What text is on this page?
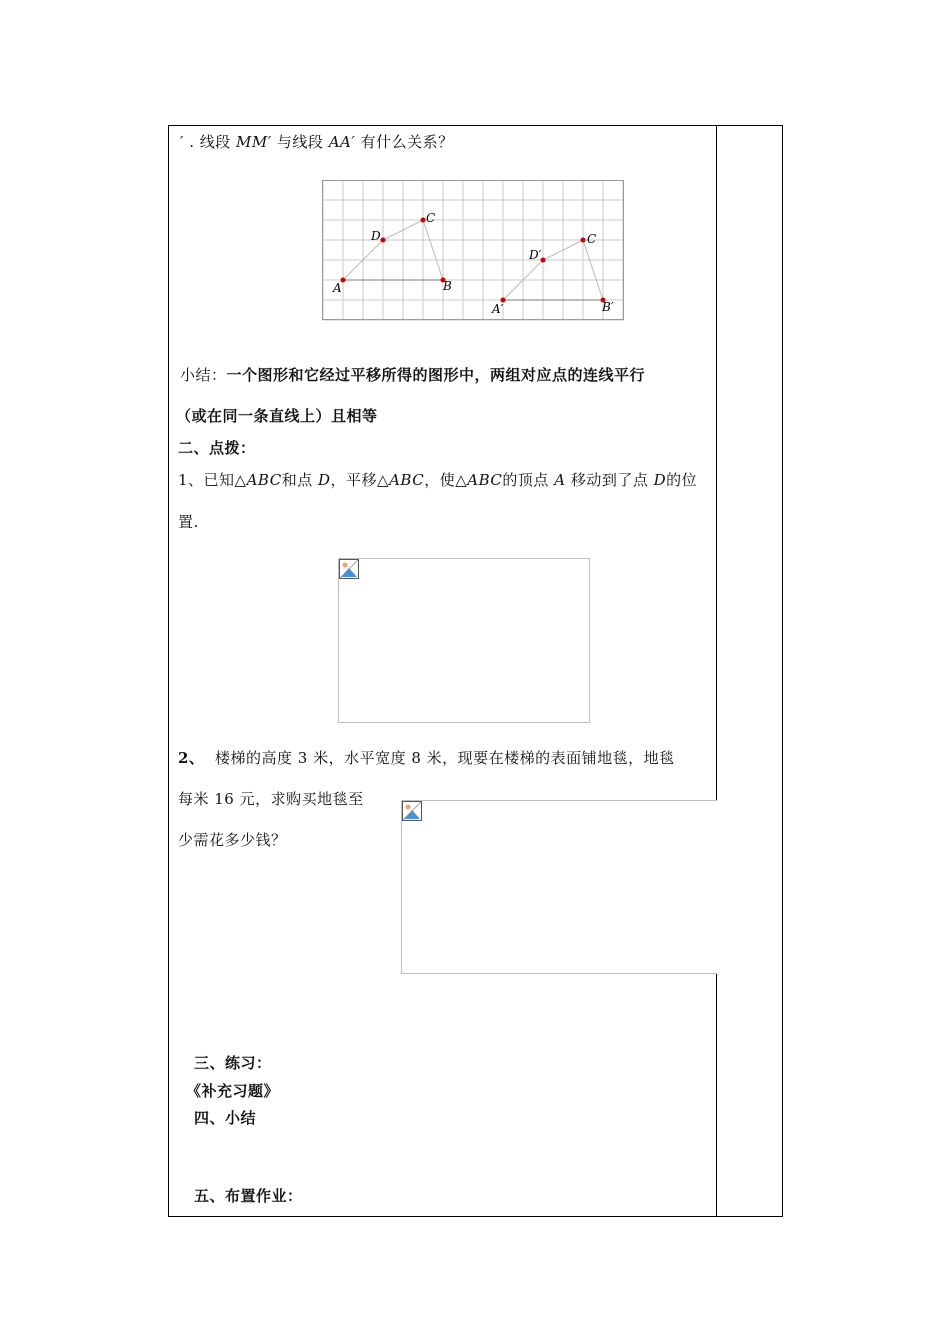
′ . 线段 MM′ 与线段 AA′ 有什么关系？
A
D
C
B
A′
D′
C
B′
小结：一个图形和它经过平移所得的图形中，两组对应点的连线平行
（或在同一条直线上）且相等
二、点拨：
1、已知△ABC和点 D，平移△ABC，使△ABC的顶点 A 移动到了点 D的位
置.
2、 楼梯的高度 3 米，水平宽度 8 米，现要在楼梯的表面铺地毯，地毯
每米 16 元，求购买地毯至
少需花多少钱？
三、练习：
《补充习题》
四、小结
五、布置作业：
